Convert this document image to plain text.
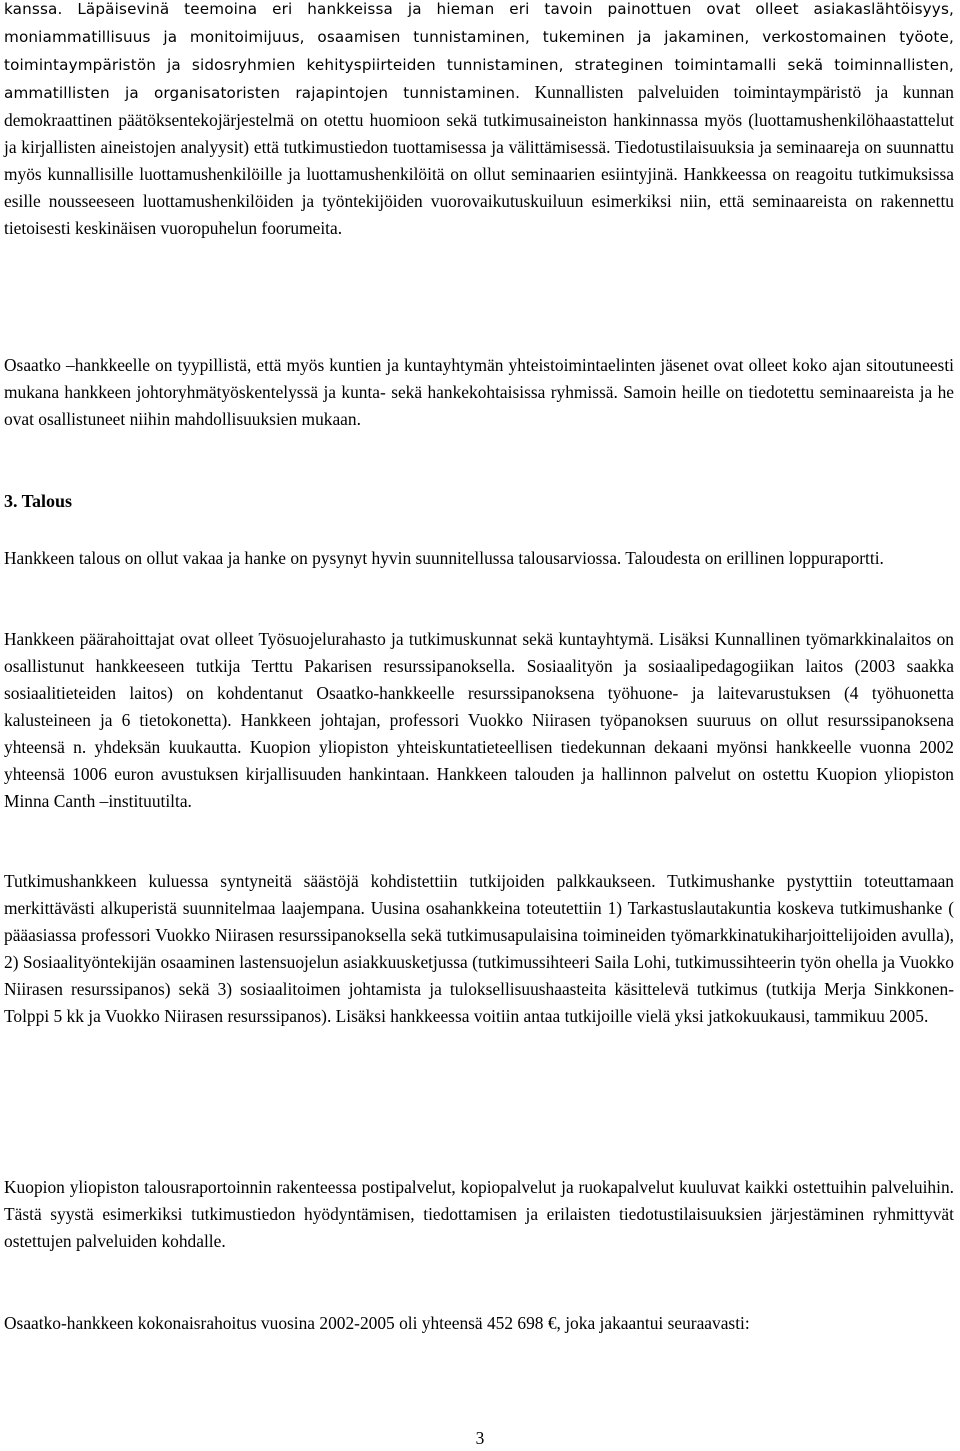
kanssa. Läpäisevinä teemoina eri hankkeissa ja hieman eri tavoin painottuen ovat olleet asiakaslähtöisyys, moniammatillisuus ja monitoimijuus, osaamisen tunnistaminen, tukeminen ja jakaminen, verkostomainen työote, toimintaympäristön ja sidosryhmien kehityspiirteiden tunnistaminen, strateginen toimintamalli sekä toiminnallisten, ammatillisten ja organisatoristen rajapintojen tunnistaminen. Kunnallisten palveluiden toimintaympäristö ja kunnan demokraattinen päätöksentekojärjestelmä on otettu huomioon sekä tutkimusaineiston hankinnassa myös (luottamushenkilöhaastattelut ja kirjallisten aineistojen analyysit) että tutkimustiedon tuottamisessa ja välittämisessä. Tiedotustilaisuuksia ja seminaareja on suunnattu myös kunnallisille luottamushenkilöille ja luottamushenkilöitä on ollut seminaarien esiintyjinä. Hankkeessa on reagoitu tutkimuksissa esille nousseeseen luottamushenkilöiden ja työntekijöiden vuorovaikutuskuiluun esimerkiksi niin, että seminaareista on rakennettu tietoisesti keskinäisen vuoropuhelun foorumeita.

Osaatko –hankkeelle on tyypillistä, että myös kuntien ja kuntayhtymän yhteistoimintaelinten jäsenet ovat olleet koko ajan sitoutuneesti mukana hankkeen johtoryhmätyöskentelyssä ja kunta- sekä hankekohtaisissa ryhmissä. Samoin heille on tiedotettu seminaareista ja he ovat osallistuneet niihin mahdollisuuksien mukaan.

3. Talous

Hankkeen talous on ollut vakaa ja hanke on pysynyt hyvin suunnitellussa talousarviossa. Taloudesta on erillinen loppuraportti.

Hankkeen päärahoittajat ovat olleet Työsuojelurahasto ja tutkimuskunnat sekä kuntayhtymä. Lisäksi Kunnallinen työmarkkinalaitos on osallistunut hankkeeseen tutkija Terttu Pakarisen resurssipanoksella. Sosiaalityön ja sosiaalipedagogiikan laitos (2003 saakka sosiaalitieteiden laitos) on kohdentanut Osaatko-hankkeelle resurssipanoksena työhuone- ja laitevarustuksen (4 työhuonetta kalusteineen ja 6 tietokonetta). Hankkeen johtajan, professori Vuokko Niirasen työpanoksen suuruus on ollut resurssipanoksena yhteensä n. yhdeksän kuukautta. Kuopion yliopiston yhteiskuntatieteellisen tiedekunnan dekaani myönsi hankkeelle vuonna 2002 yhteensä 1006 euron avustuksen kirjallisuuden hankintaan. Hankkeen talouden ja hallinnon palvelut on ostettu Kuopion yliopiston Minna Canth –instituutilta.

Tutkimushankkeen kuluessa syntyneitä säästöjä kohdistettiin tutkijoiden palkkaukseen. Tutkimushanke pystyttiin toteuttamaan merkittävästi alkuperistä suunnitelmaa laajempana. Uusina osahankkeina toteutettiin 1) Tarkastuslautakuntia koskeva tutkimushanke ( pääasiassa professori Vuokko Niirasen resurssipanoksella sekä tutkimusapulaisina toimineiden työmarkkinatukiharjoittelijoiden avulla), 2) Sosiaalityöntekijän osaaminen lastensuojelun asiakkuusketjussa (tutkimussihteeri Saila Lohi, tutkimussihteerin työn ohella ja Vuokko Niirasen resurssipanos) sekä 3) sosiaalitoimen johtamista ja tuloksellisuushaasteita käsittelevä tutkimus (tutkija Merja Sinkkonen-Tolppi 5 kk ja Vuokko Niirasen resurssipanos). Lisäksi hankkeessa voitiin antaa tutkijoille vielä yksi jatkokuukausi, tammikuu 2005.

Kuopion yliopiston talousraportoinnin rakenteessa postipalvelut, kopiopalvelut ja ruokapalvelut kuuluvat kaikki ostettuihin palveluihin. Tästä syystä esimerkiksi tutkimustiedon hyödyntämisen, tiedottamisen ja erilaisten tiedotustilaisuuksien järjestäminen ryhmittyvät ostettujen palveluiden kohdalle.

Osaatko-hankkeen kokonaisrahoitus vuosina 2002-2005 oli yhteensä 452 698 €, joka jakaantui seuraavasti:

3
